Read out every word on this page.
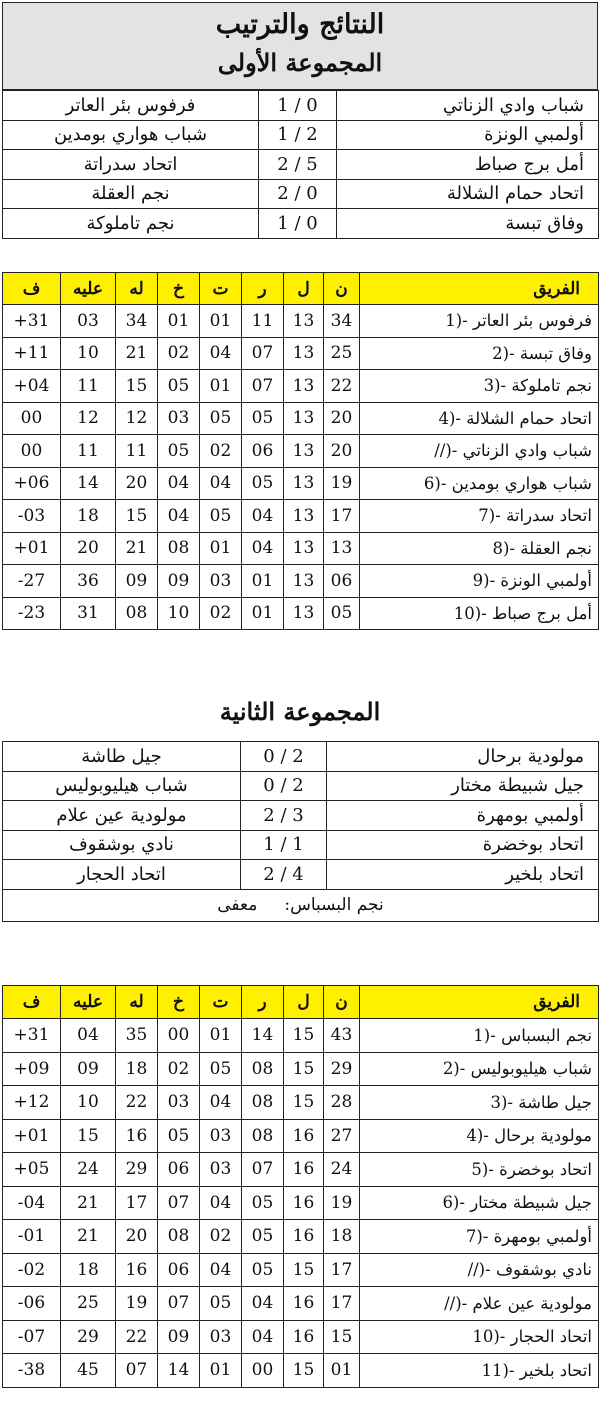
النتائج والترتيب
المجموعة الأولى
فرفوس بئر العاتر	1 / 0	شباب وادي الزناتي
شباب هواري بومدين	1 / 2	أولمبي الونزة
اتحاد سدراتة	2 / 5	أمل برج صباط
نجم العقلة	2 / 0	اتحاد حمام الشلالة
نجم تاملوكة	1 / 0	وفاق تبسة
ف	عليه	له	خ	ت	ر	ل	ن	الفريق
+31	03	34	01	01	11	13	34	1)- فرفوس بئر العاتر
+11	10	21	02	04	07	13	25	2)- وفاق تبسة
+04	11	15	05	01	07	13	22	3)- نجم تاملوكة
00	12	12	03	05	05	13	20	4)- اتحاد حمام الشلالة
00	11	11	05	02	06	13	20	//)- شباب وادي الزناتي
+06	14	20	04	04	05	13	19	6)- شباب هواري بومدين
-03	18	15	04	05	04	13	17	7)- اتحاد سدراتة
+01	20	21	08	01	04	13	13	8)- نجم العقلة
-27	36	09	09	03	01	13	06	9)- أولمبي الونزة
-23	31	08	10	02	01	13	05	10)- أمل برج صباط
المجموعة الثانية
جيل طاشة	0 / 2	مولودية برحال
شباب هيليوبوليس	0 / 2	جيل شبيطة مختار
مولودية عين علام	2 / 3	أولمبي بومهرة
نادي بوشقوف	1 / 1	اتحاد بوخضرة
اتحاد الحجار	2 / 4	اتحاد بلخير
نجم البسباس:     معفى		
ف	عليه	له	خ	ت	ر	ل	ن	الفريق
+31	04	35	00	01	14	15	43	1)- نجم البسباس
+09	09	18	02	05	08	15	29	2)- شباب هيليوبوليس
+12	10	22	03	04	08	15	28	3)- جيل طاشة
+01	15	16	05	03	08	16	27	4)- مولودية برحال
+05	24	29	06	03	07	16	24	5)- اتحاد بوخضرة
-04	21	17	07	04	05	16	19	6)- جيل شبيطة مختار
-01	21	20	08	02	05	16	18	7)- أولمبي بومهرة
-02	18	16	06	04	05	15	17	//)- نادي بوشقوف
-06	25	19	07	05	04	16	17	//)- مولودية عين علام
-07	29	22	09	03	04	16	15	10)- اتحاد الحجار
-38	45	07	14	01	00	15	01	11)- اتحاد بلخير
